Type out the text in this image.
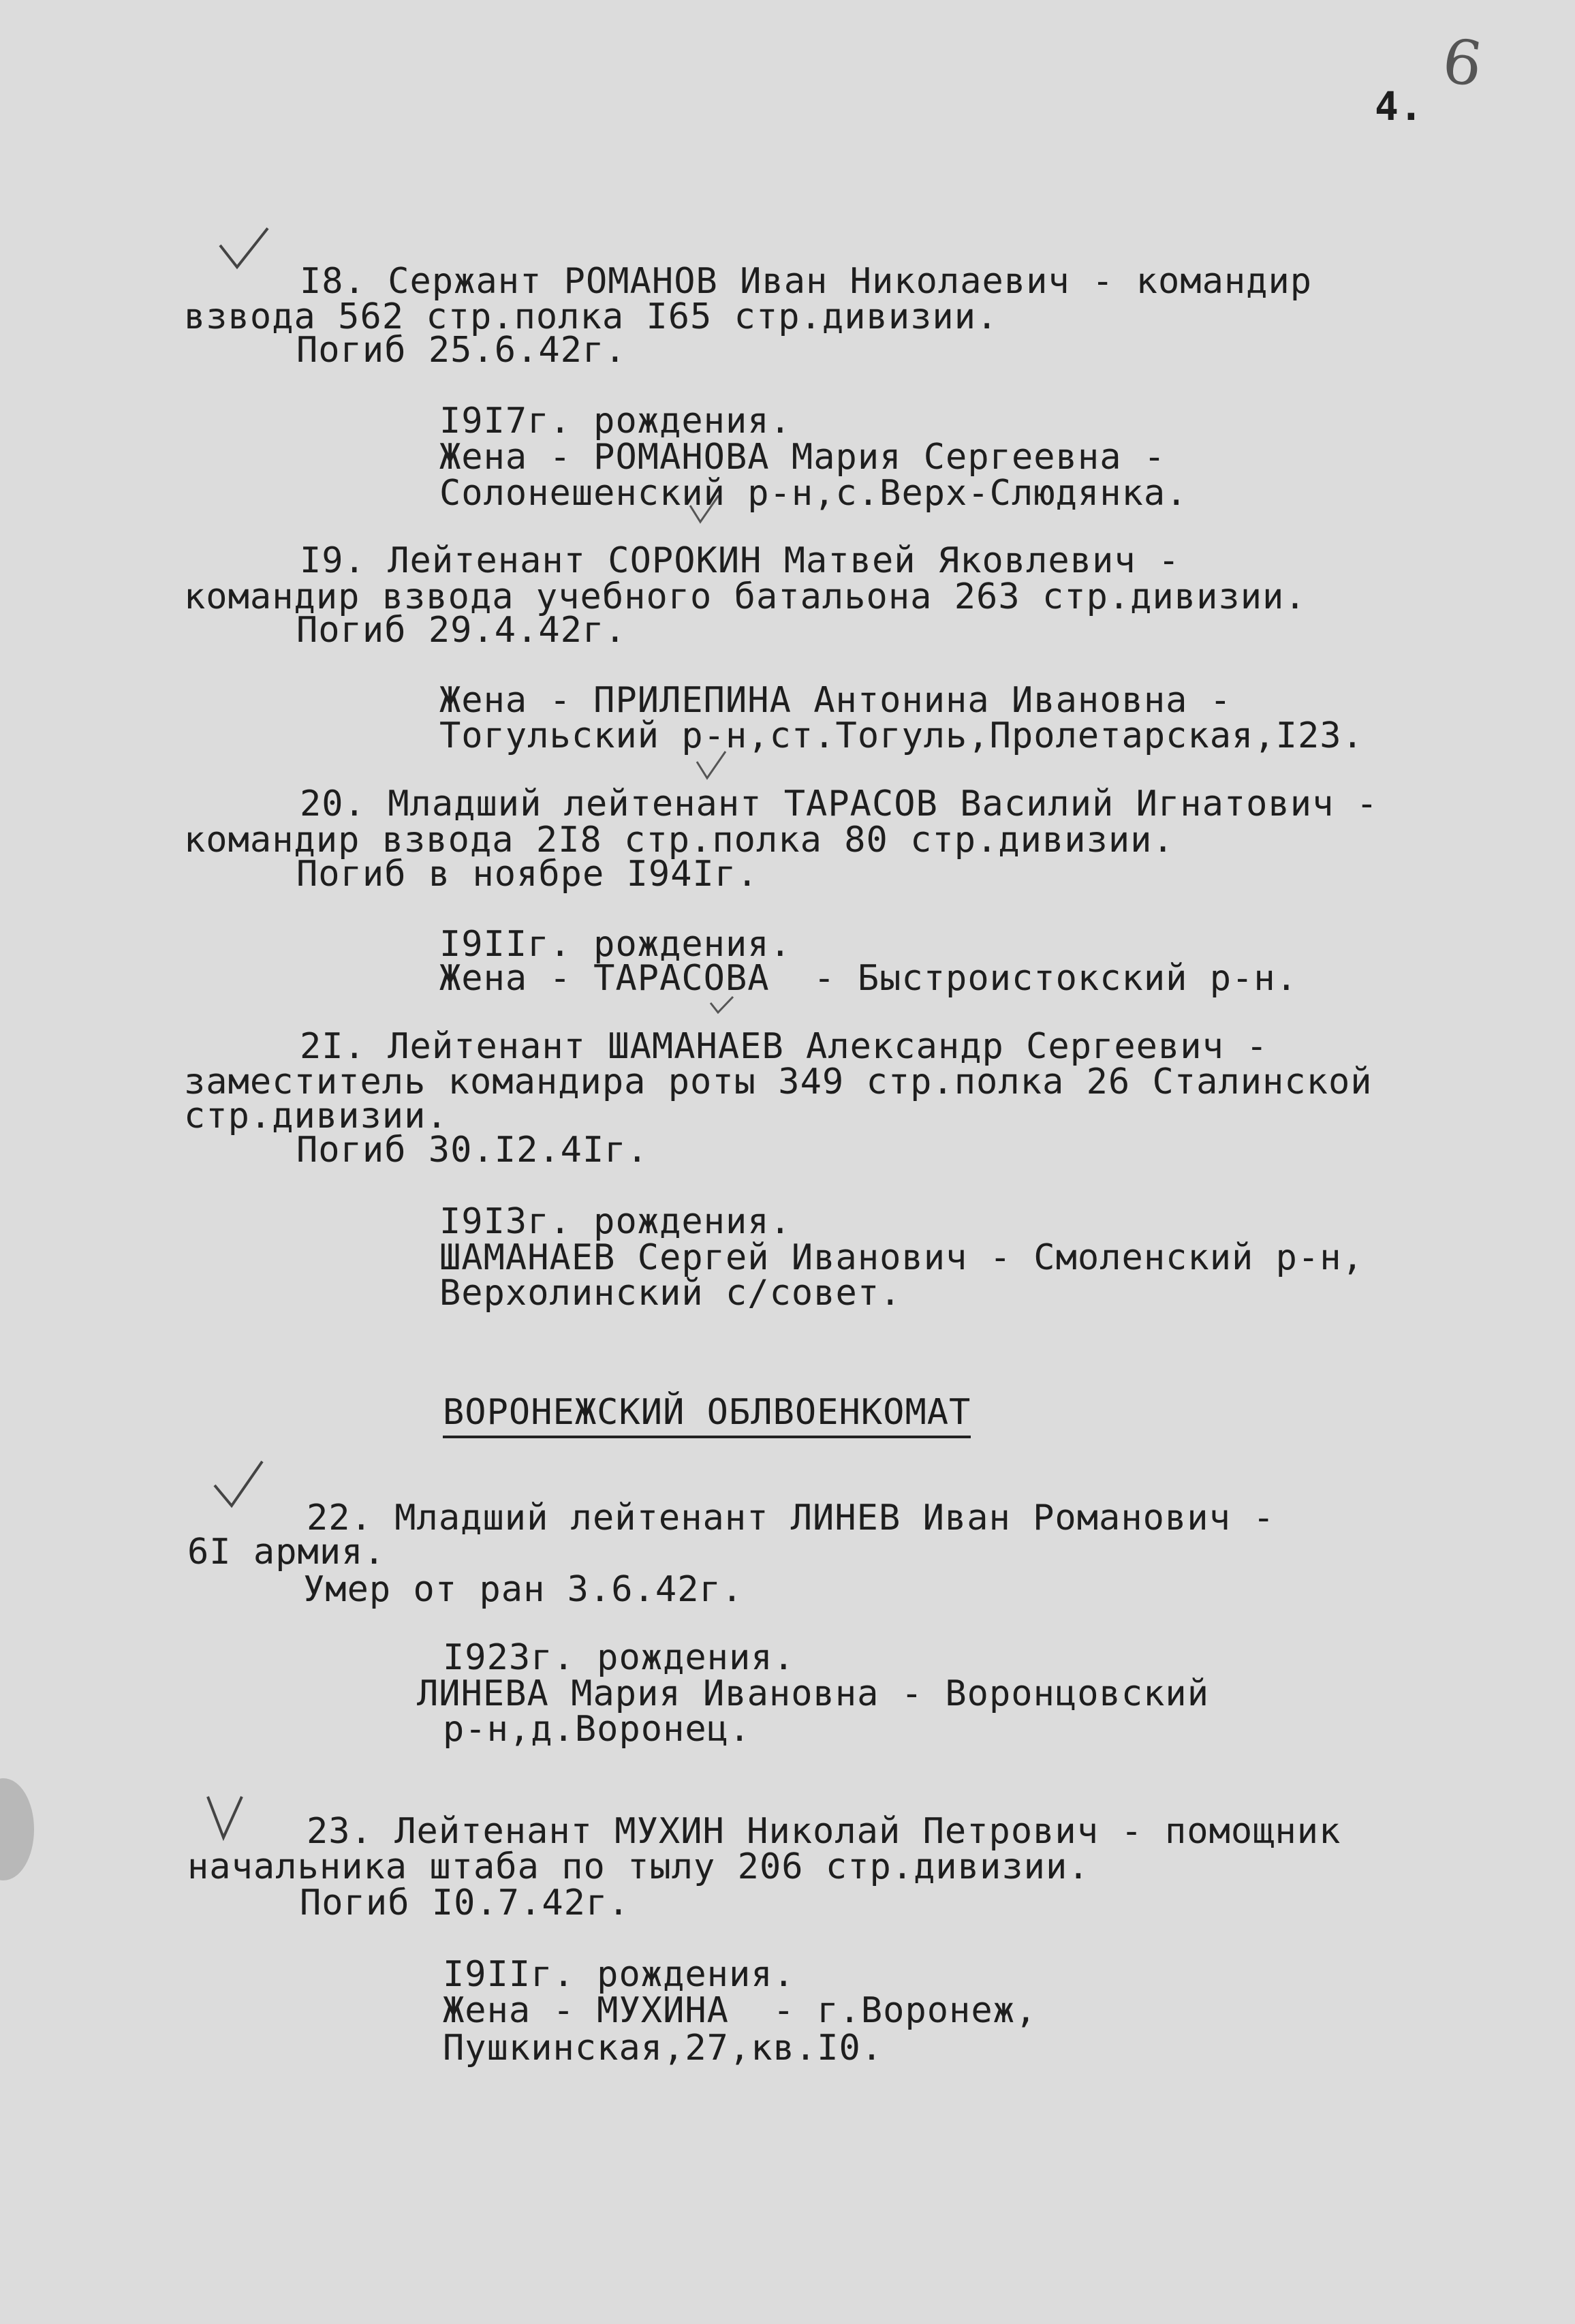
6
4.
I8. Сержант РОМАНОВ Иван Николаевич - командир
взвода 562 стр.полка I65 стр.дивизии.
Погиб 25.6.42г.
I9I7г. рождения.
Жена - РОМАНОВА Мария Сергеевна -
Солонешенский р-н,с.Верх-Слюдянка.
I9. Лейтенант СОРОКИН Матвей Яковлевич -
командир взвода учебного батальона 263 стр.дивизии.
Погиб 29.4.42г.
Жена - ПРИЛЕПИНА Антонина Ивановна -
Тогульский р-н,ст.Тогуль,Пролетарская,I23.
20. Младший лейтенант ТАРАСОВ Василий Игнатович -
командир взвода 2I8 стр.полка 80 стр.дивизии.
Погиб в ноябре I94Iг.
I9IIг. рождения.
Жена - ТАРАСОВА  - Быстроистокский р-н.
2I. Лейтенант ШАМАНАЕВ Александр Сергеевич -
заместитель командира роты 349 стр.полка 26 Сталинской
стр.дивизии.
Погиб 30.I2.4Iг.
I9I3г. рождения.
ШАМАНАЕВ Сергей Иванович - Смоленский р-н,
Верхолинский с/совет.
ВОРОНЕЖСКИЙ ОБЛВОЕНКОМАТ
22. Младший лейтенант ЛИНЕВ Иван Романович -
6I армия.
Умер от ран 3.6.42г.
I923г. рождения.
ЛИНЕВА Мария Ивановна - Воронцовский
р-н,д.Воронец.
23. Лейтенант МУХИН Николай Петрович - помощник
начальника штаба по тылу 206 стр.дивизии.
Погиб I0.7.42г.
I9IIг. рождения.
Жена - МУХИНА  - г.Воронеж,
Пушкинская,27,кв.I0.
